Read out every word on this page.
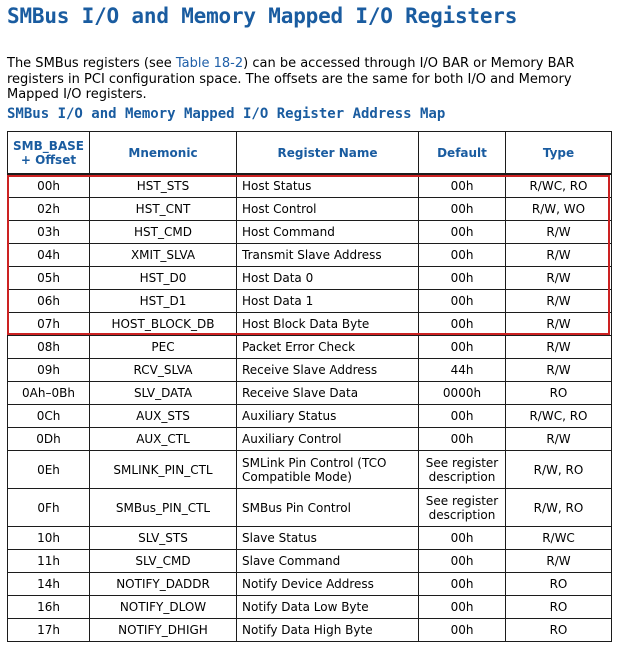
SMBus I/O and Memory Mapped I/O Registers

The SMBus registers (see Table 18-2) can be accessed through I/O BAR or Memory BAR registers in PCI configuration space. The offsets are the same for both I/O and Memory Mapped I/O registers.

SMBus I/O and Memory Mapped I/O Register Address Map
SMB_BASE
+ Offset	Mnemonic	Register Name	Default	Type
00h	HST_STS	Host Status	00h	R/WC, RO
02h	HST_CNT	Host Control	00h	R/W, WO
03h	HST_CMD	Host Command	00h	R/W
04h	XMIT_SLVA	Transmit Slave Address	00h	R/W
05h	HST_D0	Host Data 0	00h	R/W
06h	HST_D1	Host Data 1	00h	R/W
07h	HOST_BLOCK_DB	Host Block Data Byte	00h	R/W
08h	PEC	Packet Error Check	00h	R/W
09h	RCV_SLVA	Receive Slave Address	44h	R/W
0Ah–0Bh	SLV_DATA	Receive Slave Data	0000h	RO
0Ch	AUX_STS	Auxiliary Status	00h	R/WC, RO
0Dh	AUX_CTL	Auxiliary Control	00h	R/W
0Eh	SMLINK_PIN_CTL	SMLink Pin Control (TCO Compatible Mode)	See register description	R/W, RO
0Fh	SMBus_PIN_CTL	SMBus Pin Control	See register description	R/W, RO
10h	SLV_STS	Slave Status	00h	R/WC
11h	SLV_CMD	Slave Command	00h	R/W
14h	NOTIFY_DADDR	Notify Device Address	00h	RO
16h	NOTIFY_DLOW	Notify Data Low Byte	00h	RO
17h	NOTIFY_DHIGH	Notify Data High Byte	00h	RO
